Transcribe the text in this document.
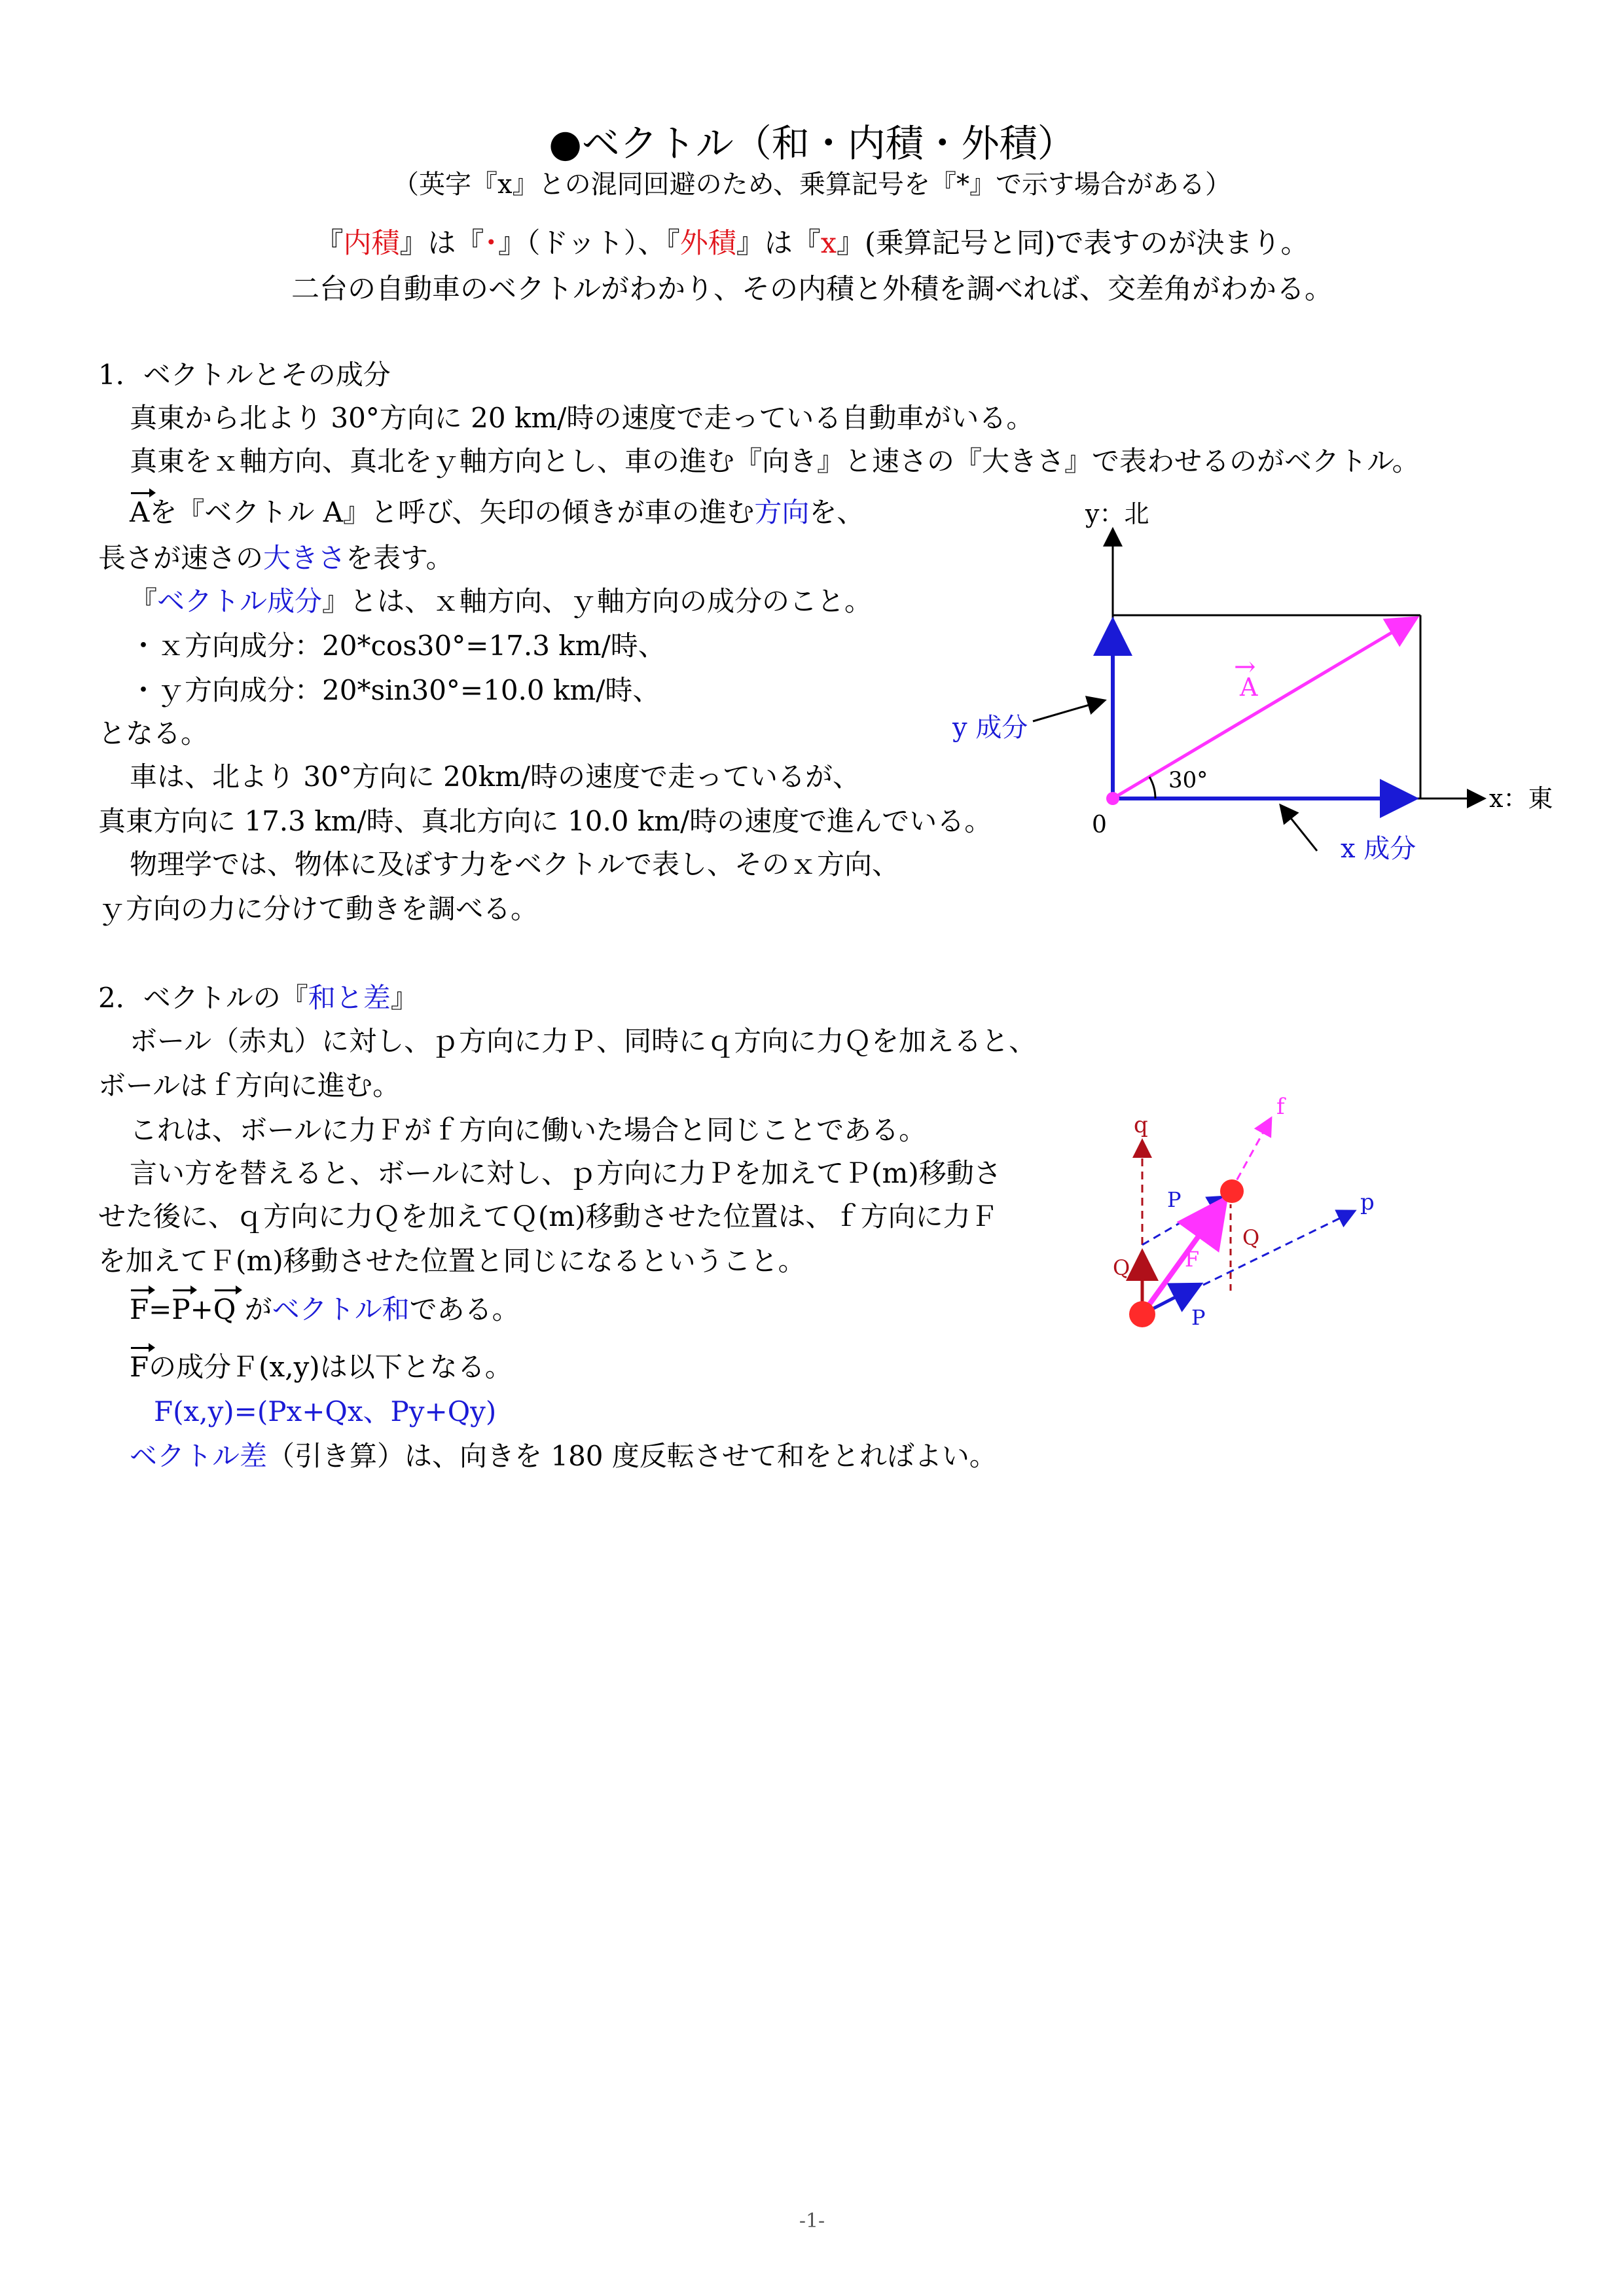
●ベクトル（和・内積・外積）
（英字『x』との混同回避のため、乗算記号を『*』で示す場合がある）
『内積』は『･』（ドット）、『外積』は『x』(乗算記号と同)で表すのが決まり。
二台の自動車のベクトルがわかり、その内積と外積を調べれば、交差角がわかる。
1．ベクトルとその成分
真東から北より 30°方向に 20 km/時の速度で走っている自動車がいる。
真東をｘ軸方向、真北をｙ軸方向とし、車の進む『向き』と速さの『大きさ』で表わせるのがベクトル。
Aを『ベクトル A』と呼び、矢印の傾きが車の進む方向を、
長さが速さの大きさを表す。
『ベクトル成分』とは、ｘ軸方向、ｙ軸方向の成分のこと。
・ｘ方向成分：20*cos30°=17.3 km/時、
・ｙ方向成分：20*sin30°=10.0 km/時、
となる。
車は、北より 30°方向に 20km/時の速度で走っているが、
真東方向に 17.3 km/時、真北方向に 10.0 km/時の速度で進んでいる。
物理学では、物体に及ぼす力をベクトルで表し、そのｘ方向、
ｙ方向の力に分けて動きを調べる。
y：北
x：東
0
→
A
y 成分
x 成分
30°
2．ベクトルの『和と差』
ボール（赤丸）に対し、ｐ方向に力Ｐ、同時にｑ方向に力Ｑを加えると、
ボールはｆ方向に進む。
これは、ボールに力Ｆがｆ方向に働いた場合と同じことである。
言い方を替えると、ボールに対し、ｐ方向に力Ｐを加えてＰ(m)移動さ
せた後に、ｑ方向に力Ｑを加えてＱ(m)移動させた位置は、ｆ方向に力Ｆ
を加えてＦ(m)移動させた位置と同じになるということ。
F=P+Q がベクトル和である。
Fの成分Ｆ(x,y)は以下となる。
F(x,y)=(Px+Qx、Py+Qy)
ベクトル差（引き算）は、向きを 180 度反転させて和をとればよい。
f
q
p
P
P
Q
Q
F
-1-
